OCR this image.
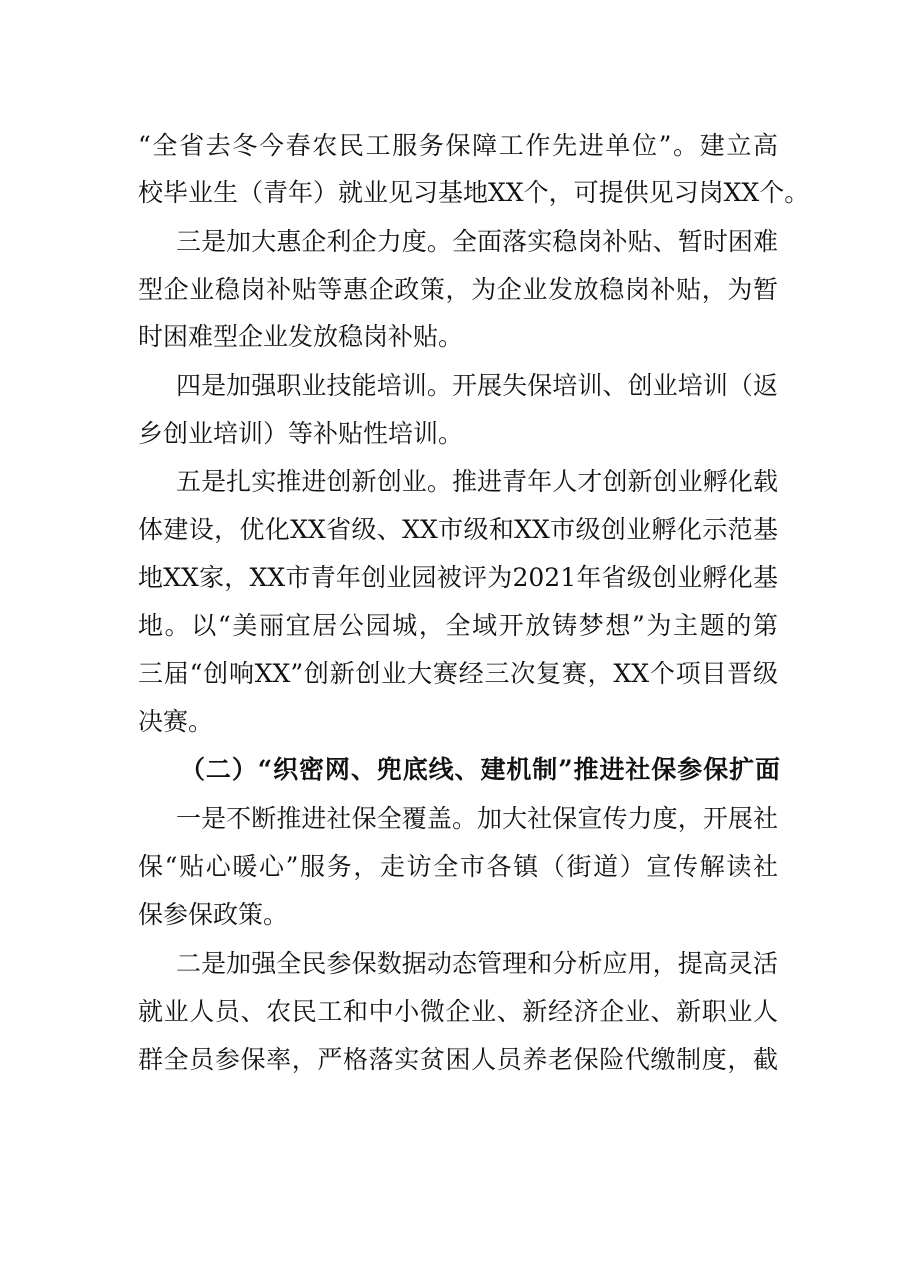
“全省去冬今春农民工服务保障工作先进单位”。建立高
校毕业生（青年）就业见习基地XX个，可提供见习岗XX个。
三是加大惠企利企力度。全面落实稳岗补贴、暂时困难
型企业稳岗补贴等惠企政策，为企业发放稳岗补贴，为暂
时困难型企业发放稳岗补贴。
四是加强职业技能培训。开展失保培训、创业培训（返
乡创业培训）等补贴性培训。
五是扎实推进创新创业。推进青年人才创新创业孵化载
体建设，优化XX省级、XX市级和XX市级创业孵化示范基
地XX家，XX市青年创业园被评为2021年省级创业孵化基
地。以“美丽宜居公园城，全域开放铸梦想”为主题的第
三届“创响XX”创新创业大赛经三次复赛，XX个项目晋级
决赛。
（二）“织密网、兜底线、建机制”推进社保参保扩面
一是不断推进社保全覆盖。加大社保宣传力度，开展社
保“贴心暖心”服务，走访全市各镇（街道）宣传解读社
保参保政策。
二是加强全民参保数据动态管理和分析应用，提高灵活
就业人员、农民工和中小微企业、新经济企业、新职业人
群全员参保率，严格落实贫困人员养老保险代缴制度，截
